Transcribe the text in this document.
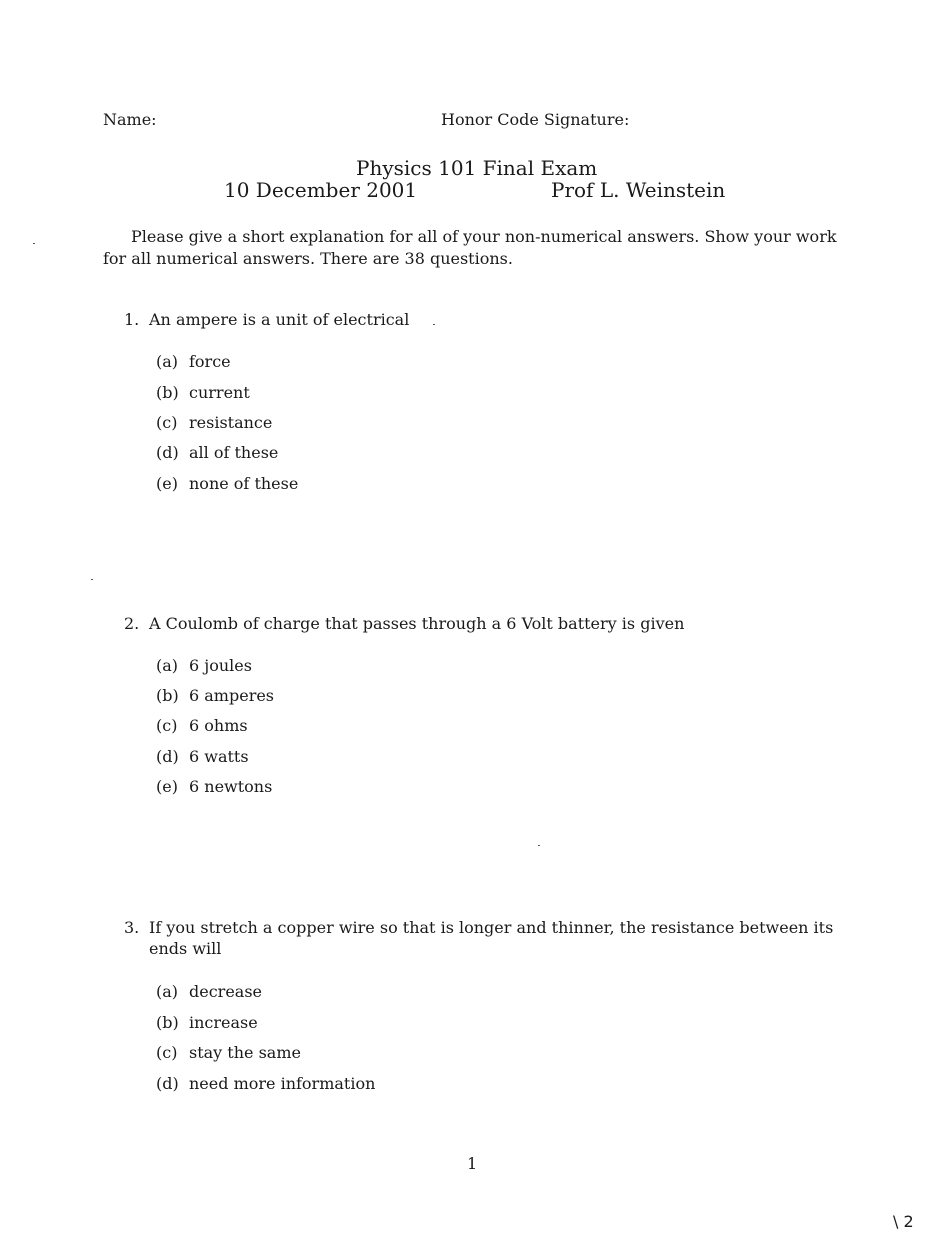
Name:	Honor Code Signature:
Physics 101 Final Exam
10 December 2001	Prof L. Weinstein
Please give a short explanation for all of your non-numerical answers. Show your work
for all numerical answers. There are 38 questions.
1. An ampere is a unit of electrical
(a) force
(b) current
(c) resistance
(d) all of these
(e) none of these
2. A Coulomb of charge that passes through a 6 Volt battery is given
(a) 6 joules
(b) 6 amperes
(c) 6 ohms
(d) 6 watts
(e) 6 newtons
3. If you stretch a copper wire so that is longer and thinner, the resistance between its
ends will
(a) decrease
(b) increase
(c) stay the same
(d) need more information
1
\ 2
